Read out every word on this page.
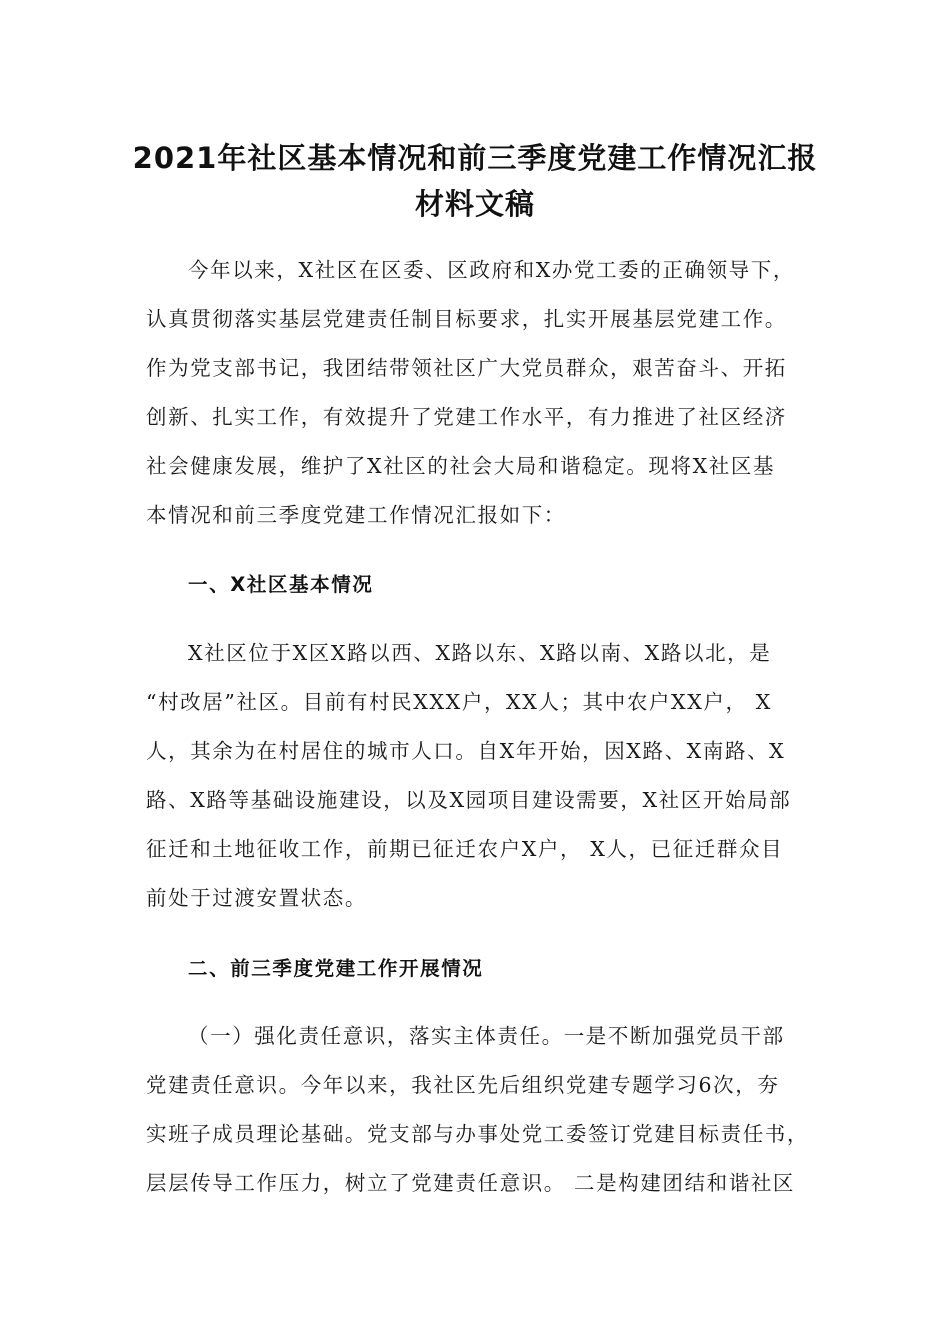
2021年社区基本情况和前三季度党建工作情况汇报
材料文稿
今年以来，X社区在区委、区政府和X办党工委的正确领导下，
认真贯彻落实基层党建责任制目标要求，扎实开展基层党建工作。
作为党支部书记，我团结带领社区广大党员群众，艰苦奋斗、开拓
创新、扎实工作，有效提升了党建工作水平，有力推进了社区经济
社会健康发展，维护了X社区的社会大局和谐稳定。现将X社区基
本情况和前三季度党建工作情况汇报如下：
一、X社区基本情况
X社区位于X区X路以西、X路以东、X路以南、X路以北，是
“村改居”社区。目前有村民XXX户，XX人；其中农户XX户， X
人，其余为在村居住的城市人口。自X年开始，因X路、X南路、X
路、X路等基础设施建设，以及X园项目建设需要，X社区开始局部
征迁和土地征收工作，前期已征迁农户X户， X人，已征迁群众目
前处于过渡安置状态。
二、前三季度党建工作开展情况
（一）强化责任意识，落实主体责任。一是不断加强党员干部
党建责任意识。今年以来，我社区先后组织党建专题学习6次，夯
实班子成员理论基础。党支部与办事处党工委签订党建目标责任书，
层层传导工作压力，树立了党建责任意识。 二是构建团结和谐社区
